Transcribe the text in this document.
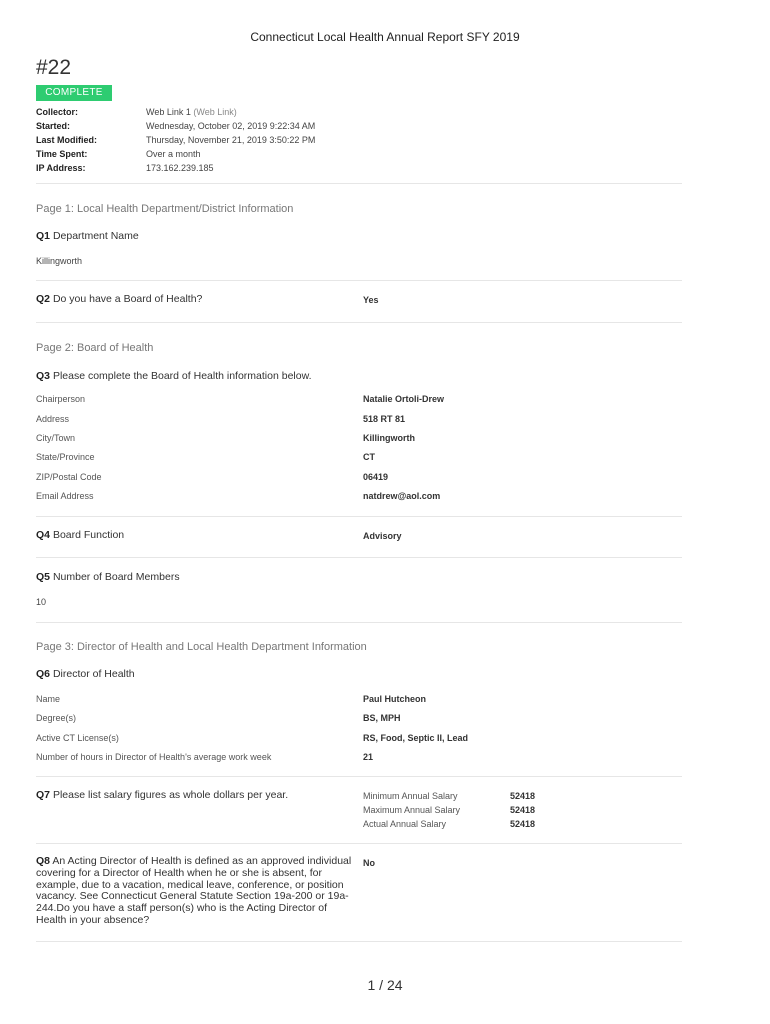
Connecticut Local Health Annual Report SFY 2019
#22
COMPLETE
Collector:	Web Link 1 (Web Link)
Started:	Wednesday, October 02, 2019 9:22:34 AM
Last Modified:	Thursday, November 21, 2019 3:50:22 PM
Time Spent:	Over a month
IP Address:	173.162.239.185
Page 1: Local Health Department/District Information
Q1 Department Name
Killingworth
Q2 Do you have a Board of Health?	Yes
Page 2: Board of Health
Q3 Please complete the Board of Health information below.
Chairperson	Natalie Ortoli-Drew
Address	518 RT 81
City/Town	Killingworth
State/Province	CT
ZIP/Postal Code	06419
Email Address	natdrew@aol.com
Q4 Board Function	Advisory
Q5 Number of Board Members
10
Page 3: Director of Health and Local Health Department Information
Q6 Director of Health
Name	Paul Hutcheon
Degree(s)	BS, MPH
Active CT License(s)	RS, Food, Septic II, Lead
Number of hours in Director of Health's average work week	21
Q7 Please list salary figures as whole dollars per year.	Minimum Annual Salary	52418
Maximum Annual Salary	52418
Actual Annual Salary	52418
Q8 An Acting Director of Health is defined as an approved individual covering for a Director of Health when he or she is absent, for example, due to a vacation, medical leave, conference, or position vacancy. See Connecticut General Statute Section 19a-200 or 19a-244.Do you have a staff person(s) who is the Acting Director of Health in your absence?
No
1 / 24
